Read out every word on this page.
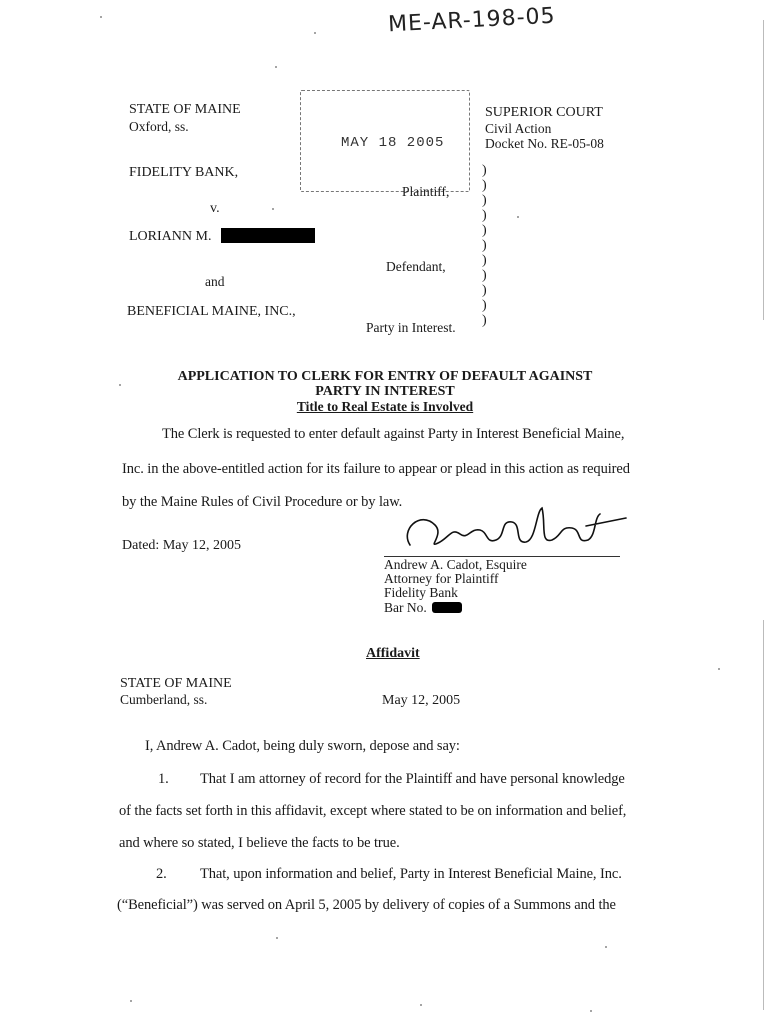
ME-AR-198-05
STATE OF MAINE
Oxford, ss.
SUPERIOR COURT
Civil Action
Docket No. RE-05-08
MAY 18 2005
FIDELITY BANK,
Plaintiff,
v.
LORIANN M.
Defendant,
and
BENEFICIAL MAINE, INC.,
Party in Interest.
)
)
)
)
)
)
)
)
)
)
)
APPLICATION TO CLERK FOR ENTRY OF DEFAULT AGAINST
PARTY IN INTEREST
Title to Real Estate is Involved
The Clerk is requested to enter default against Party in Interest Beneficial Maine,
Inc. in the above-entitled action for its failure to appear or plead in this action as required
by the Maine Rules of Civil Procedure or by law.
Dated: May 12, 2005
Andrew A. Cadot, Esquire
Attorney for Plaintiff
Fidelity Bank
Bar No.
Affidavit
STATE OF MAINE
Cumberland, ss.	May 12, 2005
I, Andrew A. Cadot, being duly sworn, depose and say:
1. That I am attorney of record for the Plaintiff and have personal knowledge
of the facts set forth in this affidavit, except where stated to be on information and belief,
and where so stated, I believe the facts to be true.
2. That, upon information and belief, Party in Interest Beneficial Maine, Inc.
(“Beneficial”) was served on April 5, 2005 by delivery of copies of a Summons and the
